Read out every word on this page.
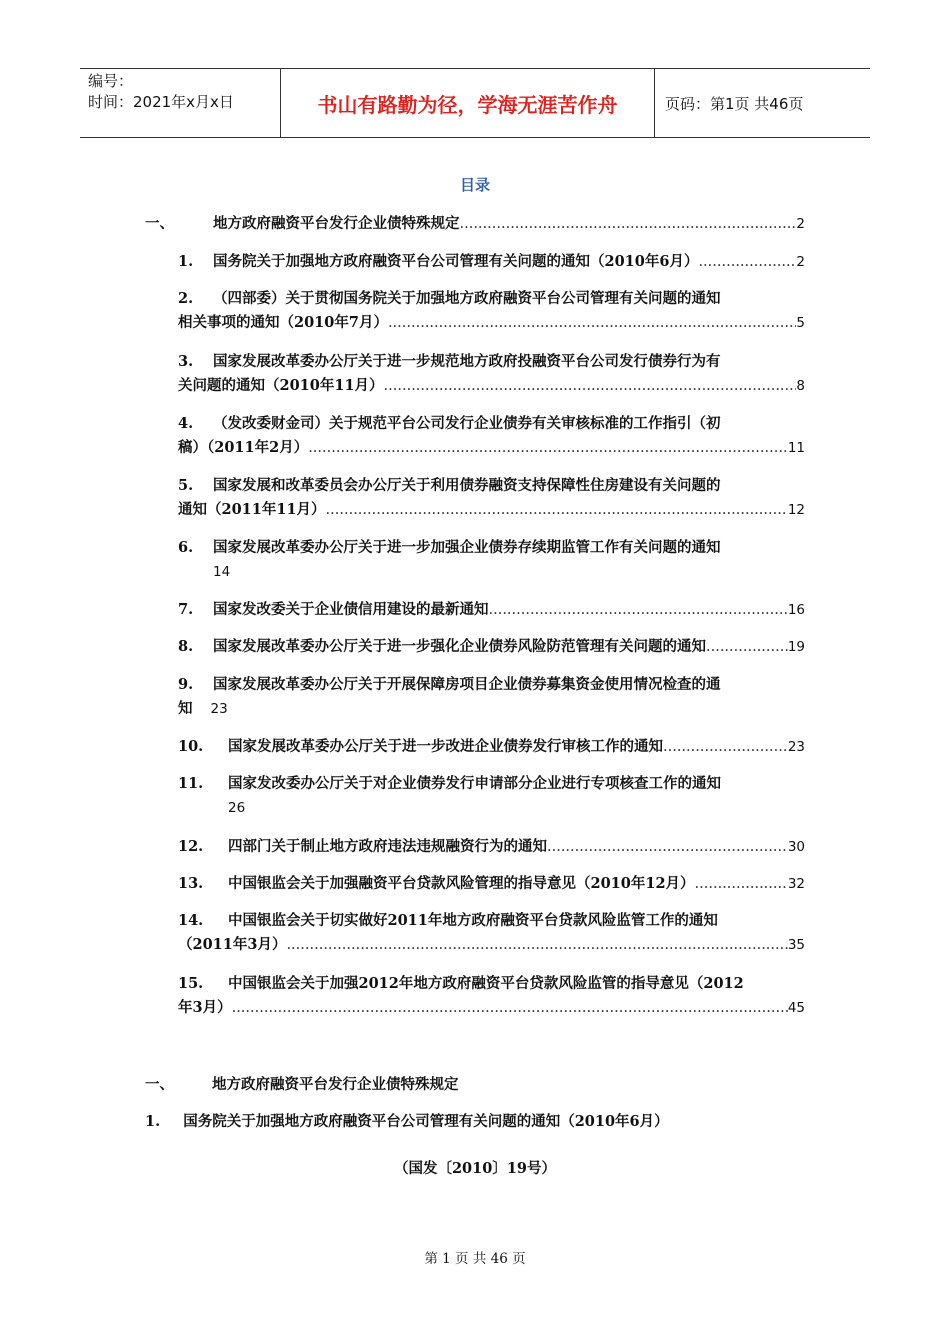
编号：
时间：2021年x月x日	书山有路勤为径，学海无涯苦作舟	页码：第1页 共46页
目录
一、	地方政府融资平台发行企业债特殊规定 .....	2
1. 国务院关于加强地方政府融资平台公司管理有关问题的通知（2010年6月） .....	2
2. （四部委）关于贯彻国务院关于加强地方政府融资平台公司管理有关问题的通知
相关事项的通知（2010年7月） .....	5
3. 国家发展改革委办公厅关于进一步规范地方政府投融资平台公司发行债券行为有
关问题的通知（2010年11月） .....	8
4. （发改委财金司）关于规范平台公司发行企业债券有关审核标准的工作指引（初
稿）（2011年2月） .....	11
5. 国家发展和改革委员会办公厅关于利用债券融资支持保障性住房建设有关问题的
通知（2011年11月） .....	12
6. 国家发展改革委办公厅关于进一步加强企业债券存续期监管工作有关问题的通知
14
7. 国家发改委关于企业债信用建设的最新通知 .....	16
8. 国家发展改革委办公厅关于进一步强化企业债券风险防范管理有关问题的通知 .....	19
9. 国家发展改革委办公厅关于开展保障房项目企业债券募集资金使用情况检查的通
知 23
10. 国家发展改革委办公厅关于进一步改进企业债券发行审核工作的通知 .....	23
11. 国家发改委办公厅关于对企业债券发行申请部分企业进行专项核查工作的通知
26
12. 四部门关于制止地方政府违法违规融资行为的通知 .....	30
13. 中国银监会关于加强融资平台贷款风险管理的指导意见（2010年12月） .....	32
14. 中国银监会关于切实做好2011年地方政府融资平台贷款风险监管工作的通知
（2011年3月） .....	35
15. 中国银监会关于加强2012年地方政府融资平台贷款风险监管的指导意见（2012
年3月） .....	45
一、	地方政府融资平台发行企业债特殊规定
1. 国务院关于加强地方政府融资平台公司管理有关问题的通知（2010年6月）
（国发〔2010〕19号）
第 1 页 共 46 页
